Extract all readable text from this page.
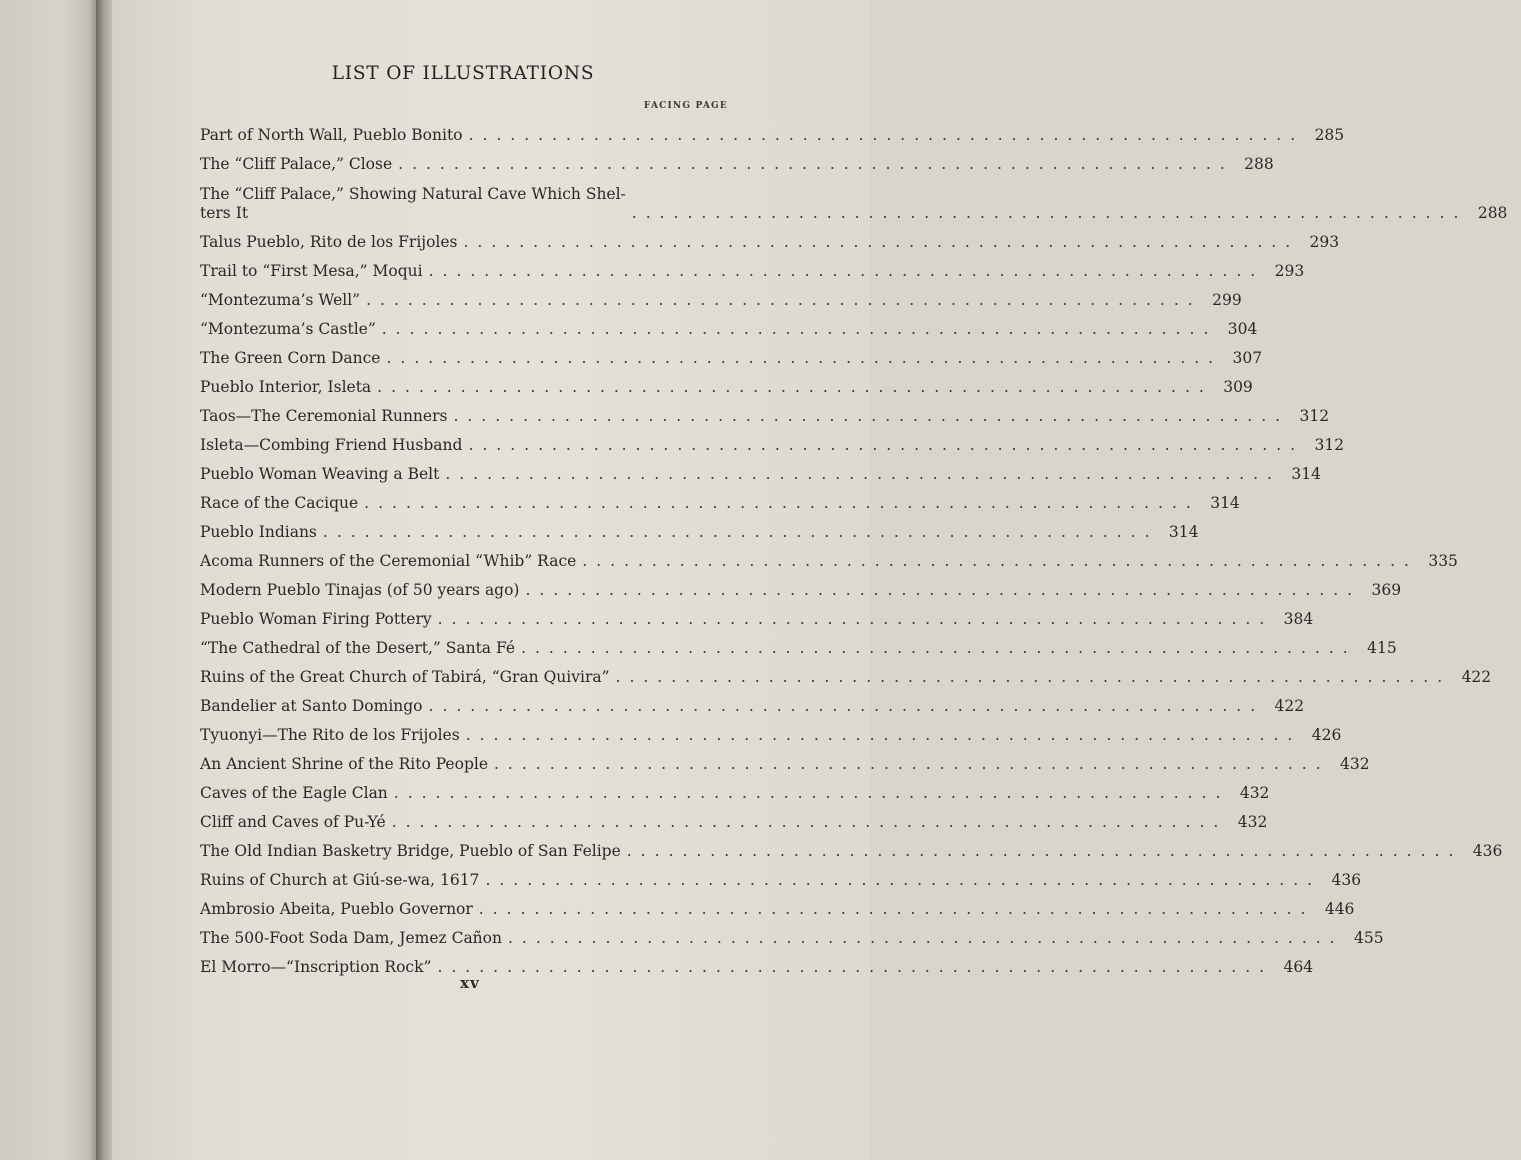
LIST OF ILLUSTRATIONS
FACING PAGE
Part of North Wall, Pueblo Bonito ............................................................ 285
The “Cliff Palace,” Close ............................................................ 288
The “Cliff Palace,” Showing Natural Cave Which Shel-
ters It	............................................................ 288
Talus Pueblo, Rito de los Frijoles ............................................................ 293
Trail to “First Mesa,” Moqui ............................................................ 293
“Montezuma’s Well” ............................................................ 299
“Montezuma’s Castle” ............................................................ 304
The Green Corn Dance ............................................................ 307
Pueblo Interior, Isleta ............................................................ 309
Taos—The Ceremonial Runners ............................................................ 312
Isleta—Combing Friend Husband ............................................................ 312
Pueblo Woman Weaving a Belt ............................................................ 314
Race of the Cacique ............................................................ 314
Pueblo Indians ............................................................ 314
Acoma Runners of the Ceremonial “Whib” Race ............................................................ 335
Modern Pueblo Tinajas (of 50 years ago) ............................................................ 369
Pueblo Woman Firing Pottery ............................................................ 384
“The Cathedral of the Desert,” Santa Fé ............................................................ 415
Ruins of the Great Church of Tabirá, “Gran Quivira” ............................................................ 422
Bandelier at Santo Domingo ............................................................ 422
Tyuonyi—The Rito de los Frijoles ............................................................ 426
An Ancient Shrine of the Rito People ............................................................ 432
Caves of the Eagle Clan ............................................................ 432
Cliff and Caves of Pu-Yé ............................................................ 432
The Old Indian Basketry Bridge, Pueblo of San Felipe ............................................................ 436
Ruins of Church at Giú-se-wa, 1617 ............................................................ 436
Ambrosio Abeita, Pueblo Governor ............................................................ 446
The 500-Foot Soda Dam, Jemez Cañon ............................................................ 455
El Morro—“Inscription Rock” ............................................................ 464
xv
